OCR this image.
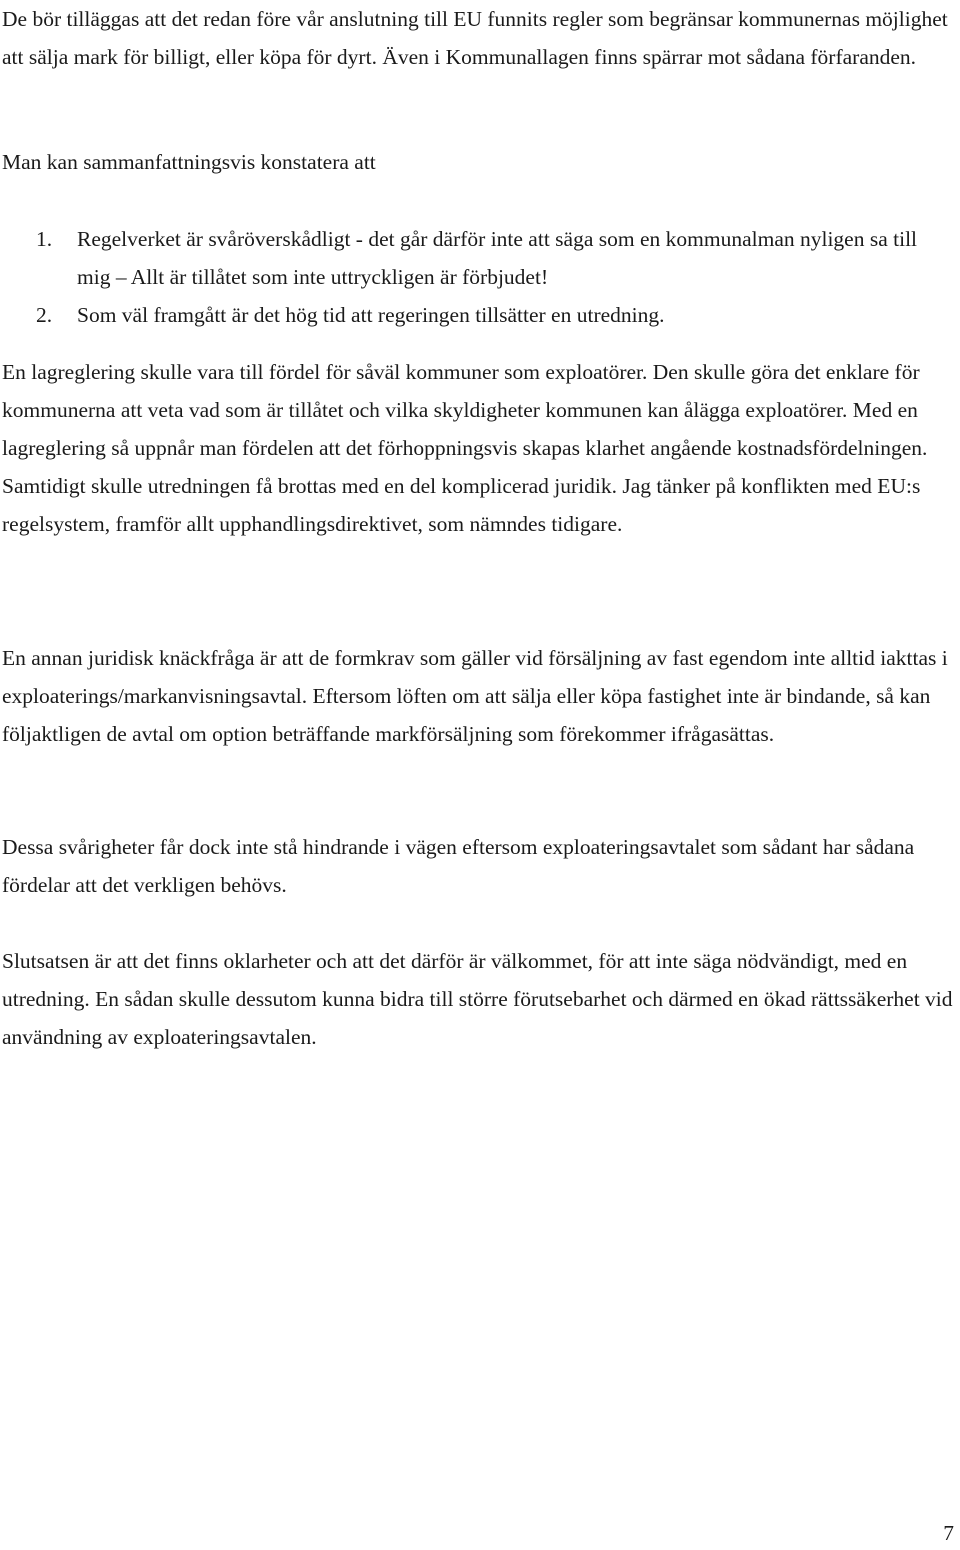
De bör tilläggas att det redan före vår anslutning till EU funnits regler som begränsar kommunernas möjlighet att sälja mark för billigt, eller köpa för dyrt. Även i Kommunallagen finns spärrar mot sådana förfaranden.

Man kan sammanfattningsvis konstatera att

1.	Regelverket är svåröverskådligt - det går därför inte att säga som en kommunalman nyligen sa till mig – Allt är tillåtet som inte uttryckligen är förbjudet!
2.	Som väl framgått är det hög tid att regeringen tillsätter en utredning.

En lagreglering skulle vara till fördel för såväl kommuner som exploatörer. Den skulle göra det enklare för kommunerna att veta vad som är tillåtet och vilka skyldigheter kommunen kan ålägga exploatörer. Med en lagreglering så uppnår man fördelen att det förhoppningsvis skapas klarhet angående kostnadsfördelningen. Samtidigt skulle utredningen få brottas med en del komplicerad juridik. Jag tänker på konflikten med EU:s regelsystem, framför allt upphandlingsdirektivet, som nämndes tidigare.

En annan juridisk knäckfråga är att de formkrav som gäller vid försäljning av fast egendom inte alltid iakttas i exploaterings/markanvisningsavtal. Eftersom löften om att sälja eller köpa fastighet inte är bindande, så kan följaktligen de avtal om option beträffande markförsäljning som förekommer ifrågasättas.

Dessa svårigheter får dock inte stå hindrande i vägen eftersom exploateringsavtalet som sådant har sådana fördelar att det verkligen behövs.

Slutsatsen är att det finns oklarheter och att det därför är välkommet, för att inte säga nödvändigt, med en utredning. En sådan skulle dessutom kunna bidra till större förutsebarhet och därmed en ökad rättssäkerhet vid användning av exploateringsavtalen.

7
